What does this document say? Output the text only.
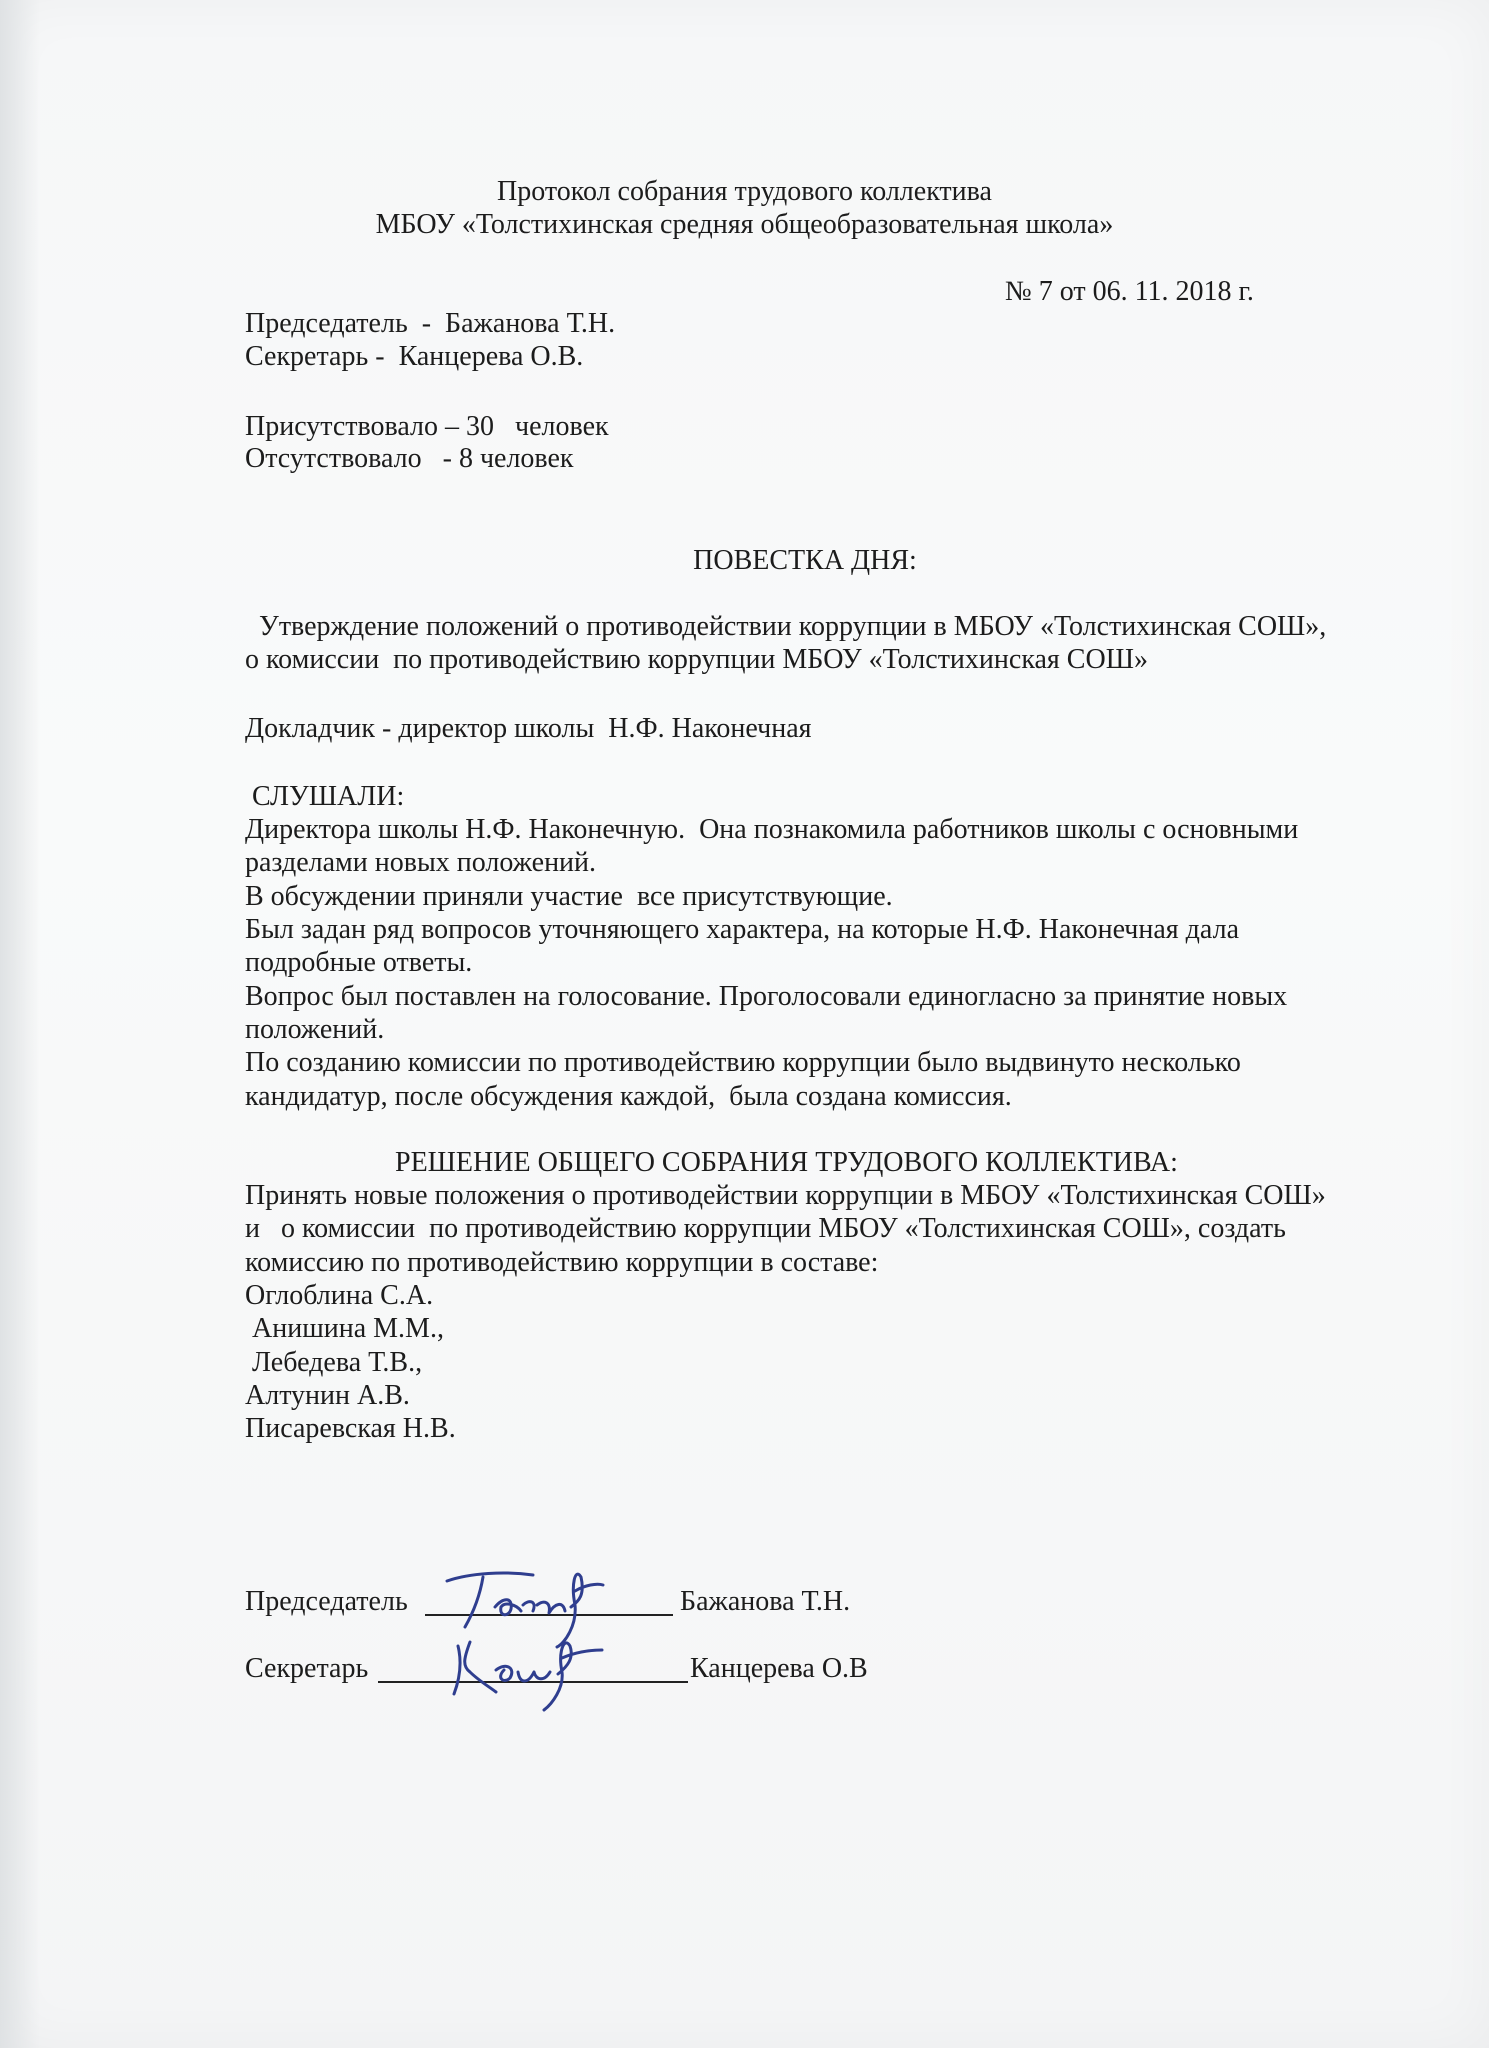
Протокол собрания трудового коллектива
МБОУ «Толстихинская средняя общеобразовательная школа»
№ 7 от 06. 11. 2018 г.
Председатель  -  Бажанова Т.Н.
Секретарь -  Канцерева О.В.
Присутствовало – 30   человек
Отсутствовало   - 8 человек
ПОВЕСТКА ДНЯ:
Утверждение положений о противодействии коррупции в МБОУ «Толстихинская СОШ»,
о комиссии  по противодействию коррупции МБОУ «Толстихинская СОШ»
Докладчик - директор школы  Н.Ф. Наконечная
СЛУШАЛИ:
Директора школы Н.Ф. Наконечную.  Она познакомила работников школы с основными
разделами новых положений.
В обсуждении приняли участие  все присутствующие.
Был задан ряд вопросов уточняющего характера, на которые Н.Ф. Наконечная дала
подробные ответы.
Вопрос был поставлен на голосование. Проголосовали единогласно за принятие новых
положений.
По созданию комиссии по противодействию коррупции было выдвинуто несколько
кандидатур, после обсуждения каждой,  была создана комиссия.
РЕШЕНИЕ ОБЩЕГО СОБРАНИЯ ТРУДОВОГО КОЛЛЕКТИВА:
Принять новые положения о противодействии коррупции в МБОУ «Толстихинская СОШ»
и   о комиссии  по противодействию коррупции МБОУ «Толстихинская СОШ», создать
комиссию по противодействию коррупции в составе:
Оглоблина С.А.
Анишина М.М.,
Лебедева Т.В.,
Алтунин А.В.
Писаревская Н.В.
Председатель	Бажанова Т.Н.
Секретарь	Канцерева О.В
